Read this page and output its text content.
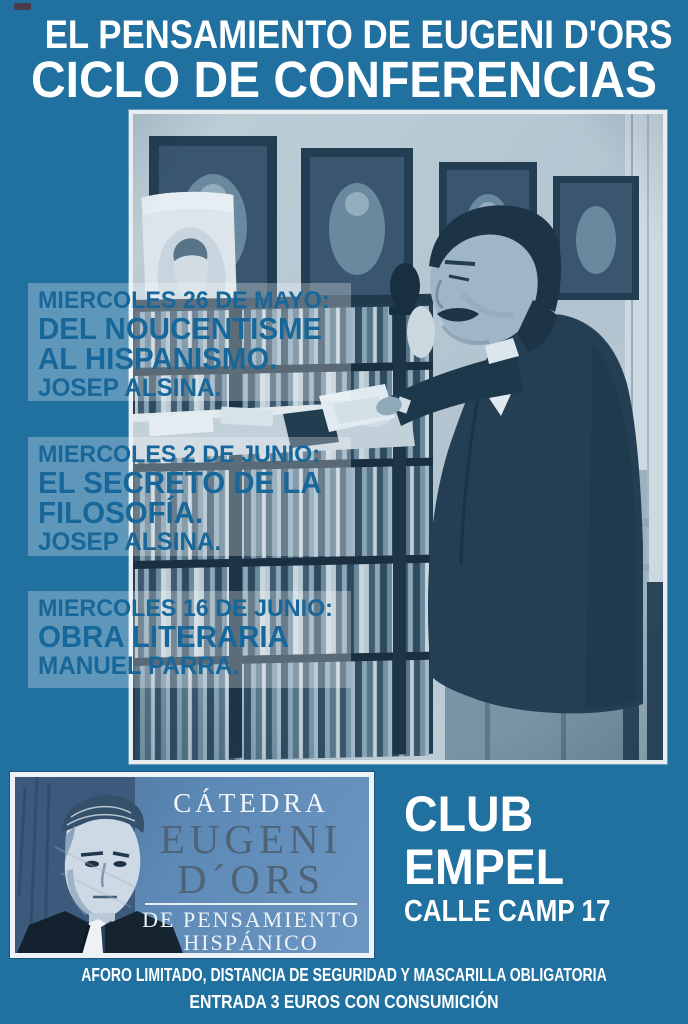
EL PENSAMIENTO DE EUGENI D'ORS
CICLO DE CONFERENCIAS
MIERCOLES 26 DE MAYO:
DEL NOUCENTISME
AL HISPANISMO.
JOSEP ALSINA.
MIERCOLES 2 DE JUNIO:
EL SECRETO DE LA
FILOSOFÍA.
JOSEP ALSINA.
MIERCOLES 16 DE JUNIO:
OBRA LITERARIA
MANUEL PARRA.
CÁTEDRA
EUGENI
D´ORS
DE PENSAMIENTO
HISPÁNICO
CLUB
EMPEL
CALLE CAMP 17
AFORO LIMITADO, DISTANCIA DE SEGURIDAD Y MASCARILLA OBLIGATORIA
ENTRADA 3 EUROS CON CONSUMICIÓN
